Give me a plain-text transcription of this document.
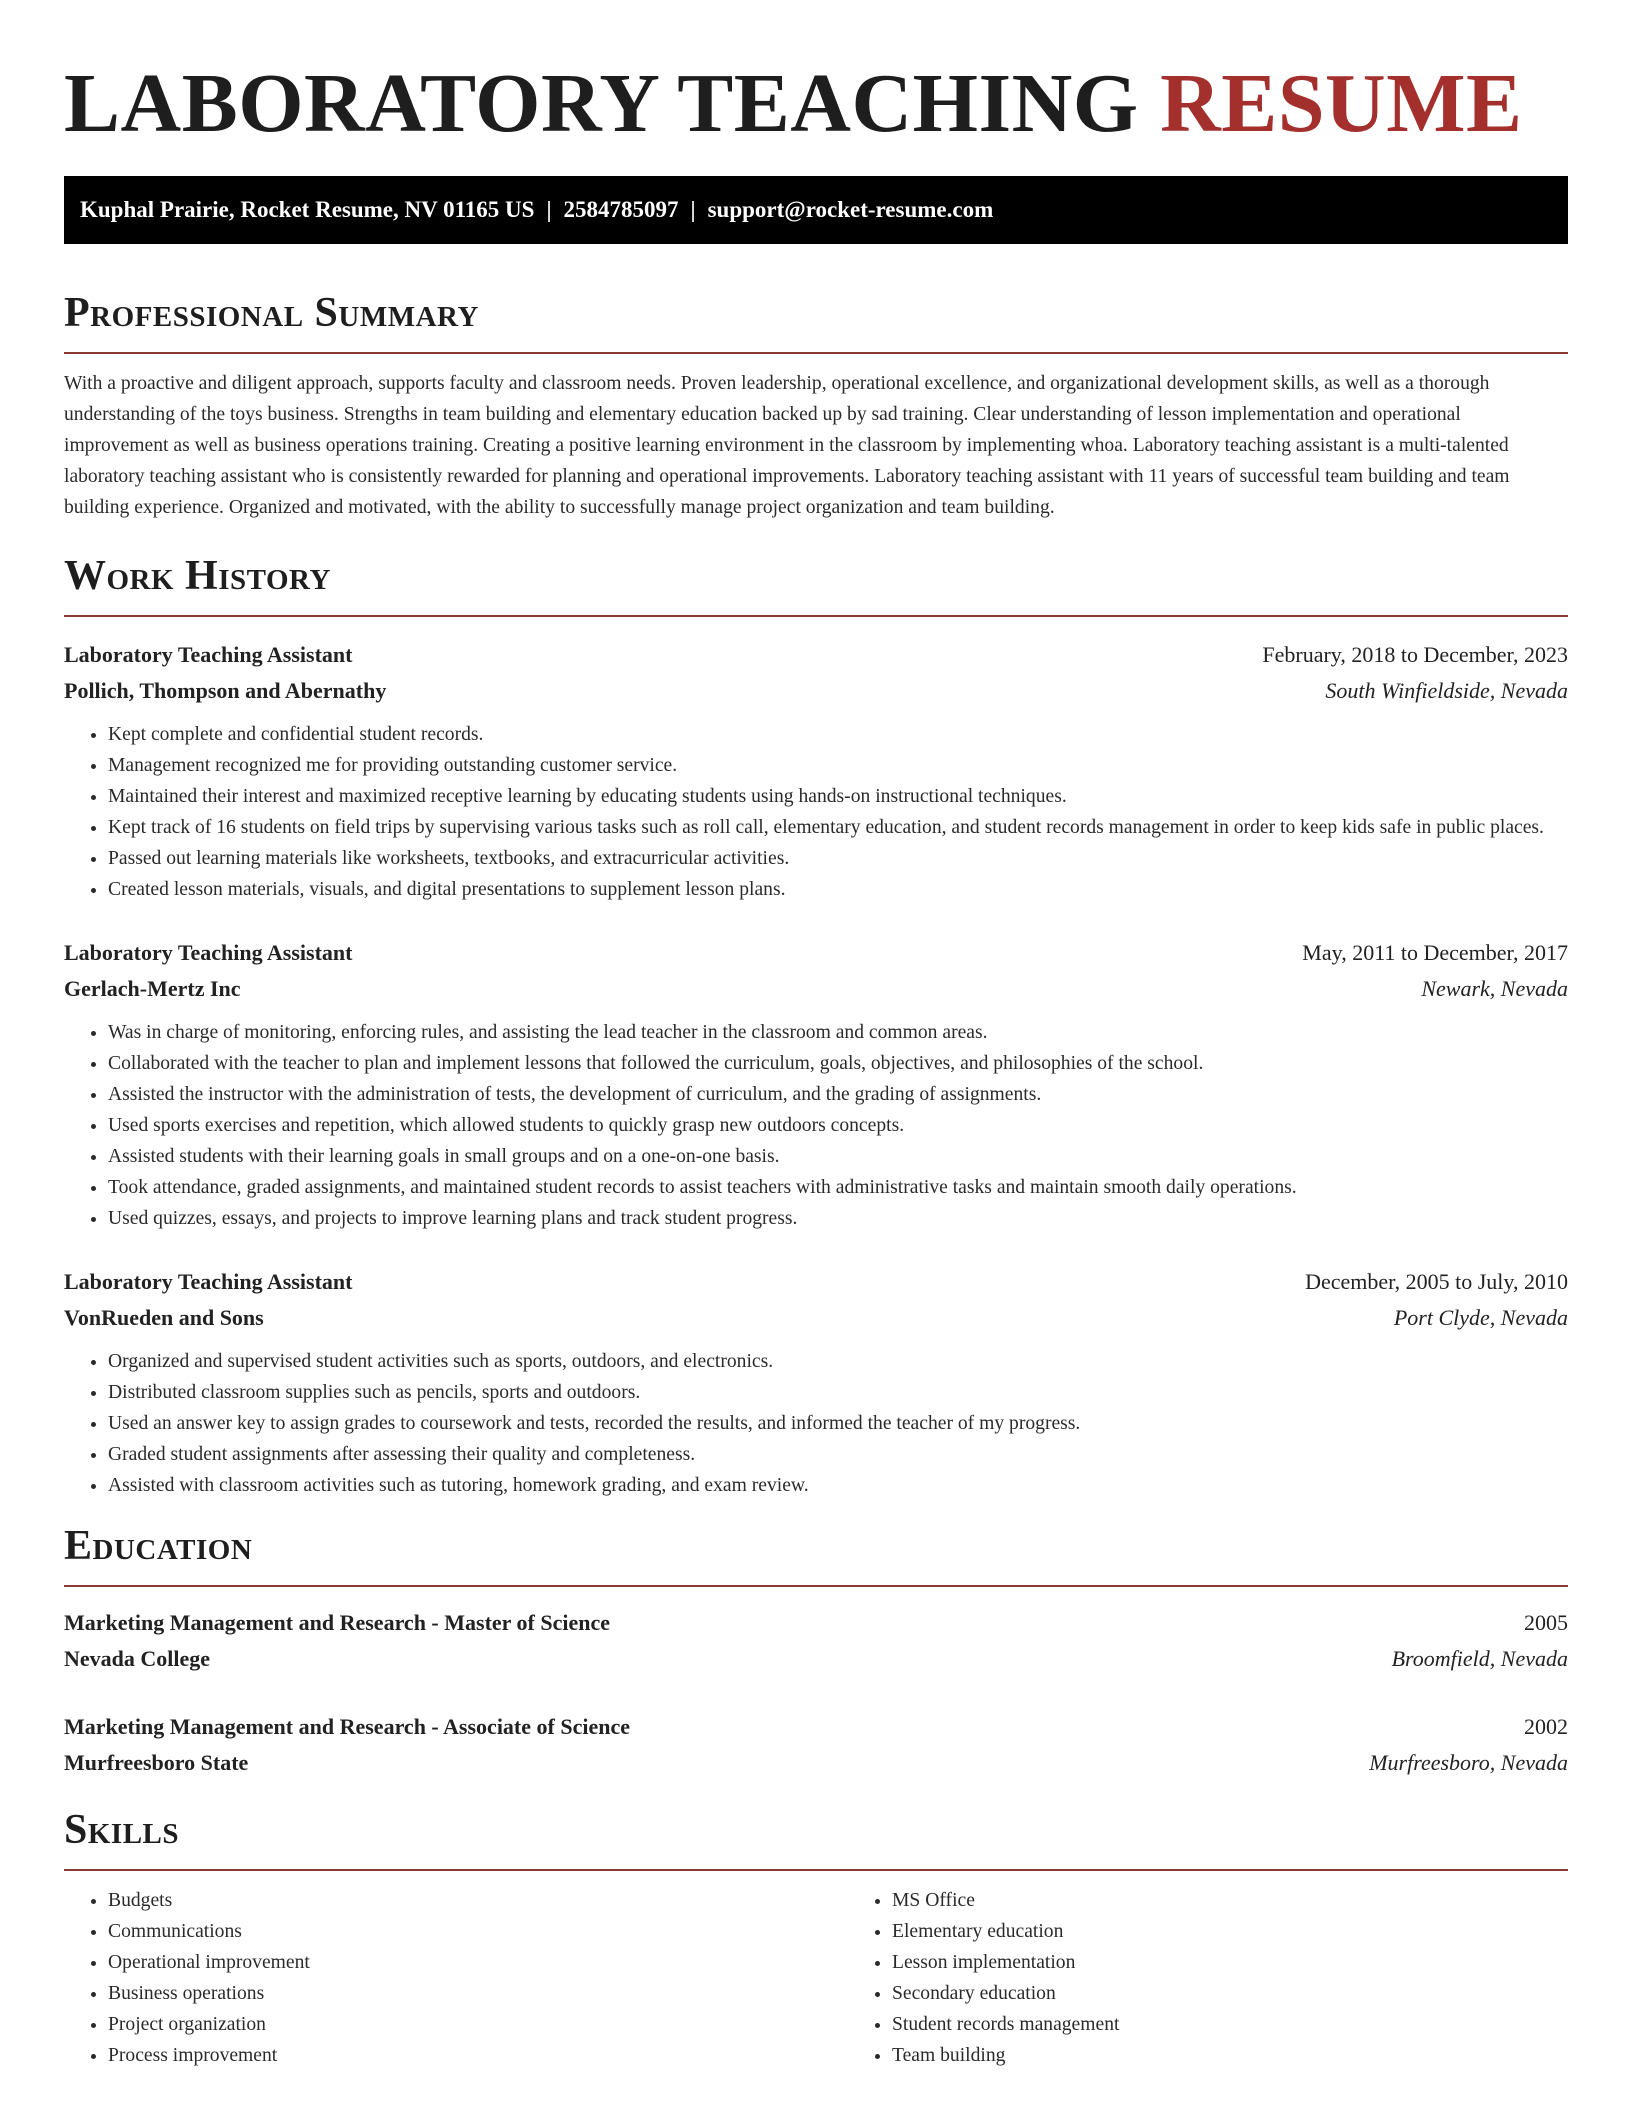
LABORATORY TEACHING RESUME
Kuphal Prairie, Rocket Resume, NV 01165 US | 2584785097 | support@rocket-resume.com
Professional Summary

With a proactive and diligent approach, supports faculty and classroom needs. Proven leadership, operational excellence, and organizational development skills, as well as a thorough understanding of the toys business. Strengths in team building and elementary education backed up by sad training. Clear understanding of lesson implementation and operational improvement as well as business operations training. Creating a positive learning environment in the classroom by implementing whoa. Laboratory teaching assistant is a multi-talented laboratory teaching assistant who is consistently rewarded for planning and operational improvements. Laboratory teaching assistant with 11 years of successful team building and team building experience. Organized and motivated, with the ability to successfully manage project organization and team building.

Work History
Laboratory Teaching Assistant	February, 2018 to December, 2023
Pollich, Thompson and Abernathy	South Winfieldside, Nevada
• Kept complete and confidential student records.
• Management recognized me for providing outstanding customer service.
• Maintained their interest and maximized receptive learning by educating students using hands-on instructional techniques.
• Kept track of 16 students on field trips by supervising various tasks such as roll call, elementary education, and student records management in order to keep kids safe in public places.
• Passed out learning materials like worksheets, textbooks, and extracurricular activities.
• Created lesson materials, visuals, and digital presentations to supplement lesson plans.
Laboratory Teaching Assistant	May, 2011 to December, 2017
Gerlach-Mertz Inc	Newark, Nevada
• Was in charge of monitoring, enforcing rules, and assisting the lead teacher in the classroom and common areas.
• Collaborated with the teacher to plan and implement lessons that followed the curriculum, goals, objectives, and philosophies of the school.
• Assisted the instructor with the administration of tests, the development of curriculum, and the grading of assignments.
• Used sports exercises and repetition, which allowed students to quickly grasp new outdoors concepts.
• Assisted students with their learning goals in small groups and on a one-on-one basis.
• Took attendance, graded assignments, and maintained student records to assist teachers with administrative tasks and maintain smooth daily operations.
• Used quizzes, essays, and projects to improve learning plans and track student progress.
Laboratory Teaching Assistant	December, 2005 to July, 2010
VonRueden and Sons	Port Clyde, Nevada
• Organized and supervised student activities such as sports, outdoors, and electronics.
• Distributed classroom supplies such as pencils, sports and outdoors.
• Used an answer key to assign grades to coursework and tests, recorded the results, and informed the teacher of my progress.
• Graded student assignments after assessing their quality and completeness.
• Assisted with classroom activities such as tutoring, homework grading, and exam review.
Education
Marketing Management and Research - Master of Science	2005
Nevada College	Broomfield, Nevada
Marketing Management and Research - Associate of Science	2002
Murfreesboro State	Murfreesboro, Nevada
Skills
• Budgets
• Communications
• Operational improvement
• Business operations
• Project organization
• Process improvement
• MS Office
• Elementary education
• Lesson implementation
• Secondary education
• Student records management
• Team building
